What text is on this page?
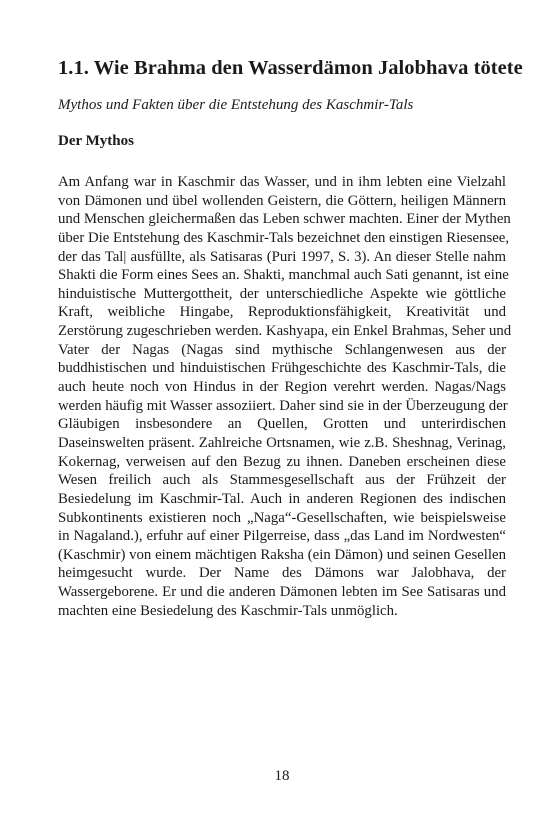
1.1. Wie Brahma den Wasserdämon Jalobhava tötete

Mythos und Fakten über die Entstehung des Kaschmir-Tals

Der Mythos
Am Anfang war in Kaschmir das Wasser, und in ihm lebten eine Vielzahl
von Dämonen und übel wollenden Geistern, die Göttern, heiligen Männern
und Menschen gleichermaßen das Leben schwer machten. Einer der Mythen
über Die Entstehung des Kaschmir-Tals bezeichnet den einstigen Riesensee,
der das Tal| ausfüllte, als Satisaras (Puri 1997, S. 3). An dieser Stelle nahm
Shakti die Form eines Sees an. Shakti, manchmal auch Sati genannt, ist eine
hinduistische Muttergottheit, der unterschiedliche Aspekte wie göttliche
Kraft, weibliche Hingabe, Reproduktionsfähigkeit, Kreativität und
Zerstörung zugeschrieben werden. Kashyapa, ein Enkel Brahmas, Seher und
Vater der Nagas (Nagas sind mythische Schlangenwesen aus der
buddhistischen und hinduistischen Frühgeschichte des Kaschmir-Tals, die
auch heute noch von Hindus in der Region verehrt werden. Nagas/Nags
werden häufig mit Wasser assoziiert. Daher sind sie in der Überzeugung der
Gläubigen insbesondere an Quellen, Grotten und unterirdischen
Daseinswelten präsent. Zahlreiche Ortsnamen, wie z.B. Sheshnag, Verinag,
Kokernag, verweisen auf den Bezug zu ihnen. Daneben erscheinen diese
Wesen freilich auch als Stammesgesellschaft aus der Frühzeit der
Besiedelung im Kaschmir-Tal. Auch in anderen Regionen des indischen
Subkontinents existieren noch „Naga“-Gesellschaften, wie beispielsweise
in Nagaland.), erfuhr auf einer Pilgerreise, dass „das Land im Nordwesten“
(Kaschmir) von einem mächtigen Raksha (ein Dämon) und seinen Gesellen
heimgesucht wurde. Der Name des Dämons war Jalobhava, der
Wassergeborene. Er und die anderen Dämonen lebten im See Satisaras und
machten eine Besiedelung des Kaschmir-Tals unmöglich.
18
